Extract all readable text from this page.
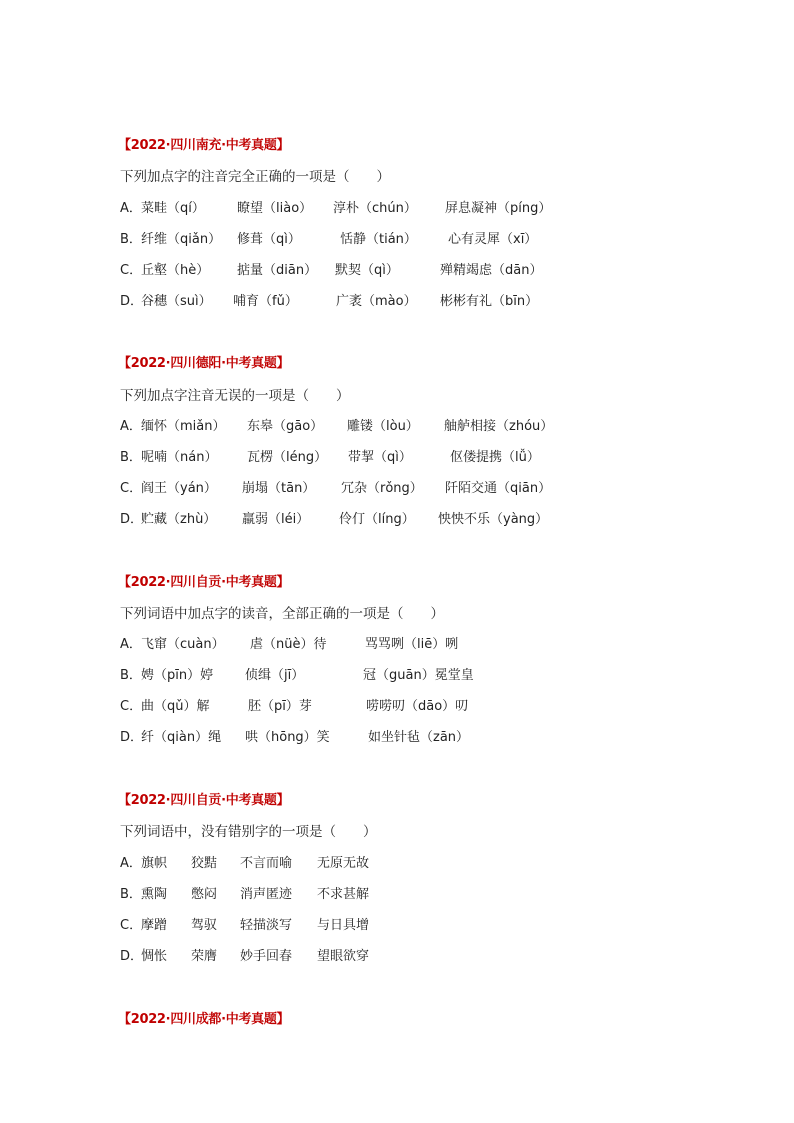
【2022·四川南充·中考真题】
下列加点字的注音完全正确的一项是（　　）
A． 菜畦（qí） 瞭望（liào） 淳朴（chún） 屏息凝神（píng）
B． 纤维（qiǎn） 修葺（qì）	恬静（tián） 心有灵犀（xī）
C．
丘壑（hè） 掂量（diān） 默契（qì）	殚精竭虑（dān）
D．
谷穗（suì） 哺育（fǔ）	广袤（mào） 彬彬有礼（bīn）
【2022·四川德阳·中考真题】
下列加点字注音无误的一项是（　　）
A． 缅怀（miǎn） 东皋（gāo） 雕镂（lòu） 舳舻相接（zhóu）
B． 呢喃（nán） 瓦楞（léng） 带挈（qì）	伛偻提携（lǚ）
C．
阎王（yán） 崩塌（tān） 冗杂（rǒng） 阡陌交通（qiān）
D．
贮藏（zhù） 羸弱（léi） 伶仃（líng） 怏怏不乐（yàng）
【2022·四川自贡·中考真题】
下列词语中加点字的读音，全部正确的一项是（　　）
A． 飞窜（cuàn） 虐（nüè）待	骂骂咧（liē）咧
B． 娉（pīn）婷 侦缉（jī）	冠（guān）冕堂皇
C．
曲（qǔ）解	胚（pī）芽	唠唠叨（dāo）叨
D．
纤（qiàn）绳 哄（hōng）笑	如坐针毡（zān）
【2022·四川自贡·中考真题】
下列词语中，没有错别字的一项是（　　）
A． 旗帜 狡黠 不言而喻 无原无故
B． 熏陶 憋闷 消声匿迹 不求甚解
C．
摩蹭 驾驭 轻描淡写 与日具增
D．
惆怅 荣膺 妙手回春 望眼欲穿
【2022·四川成都·中考真题】
